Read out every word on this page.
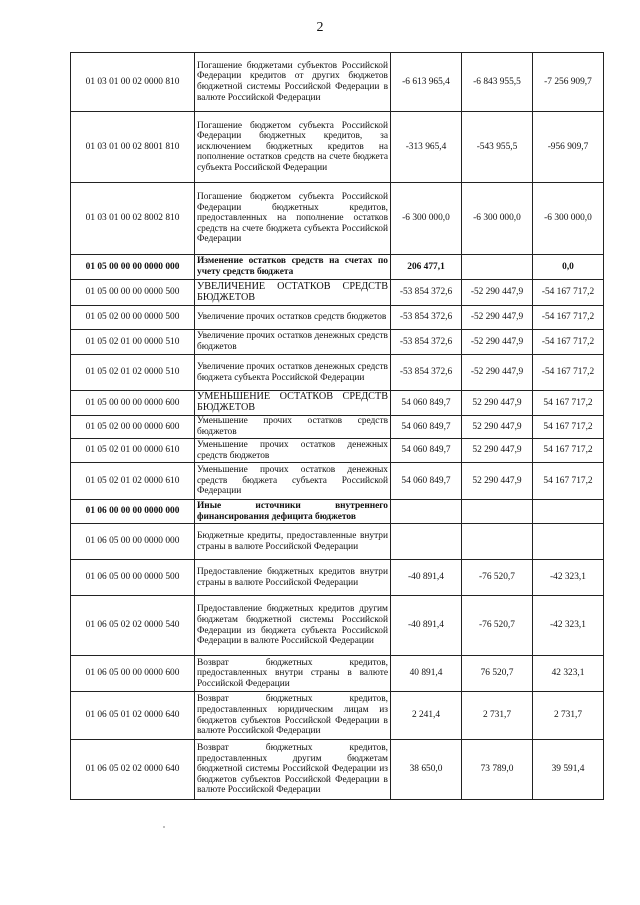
2
01 03 01 00 02 0000 810	Погашение бюджетами субъектов Российской Федерации кредитов от других бюджетов бюджетной системы Российской Федерации в валюте Российской Федерации	-6 613 965,4	-6 843 955,5	-7 256 909,7
01 03 01 00 02 8001 810	Погашение бюджетом субъекта Российской Федерации бюджетных кредитов, за исключением бюджетных кредитов на пополнение остатков средств на счете бюджета субъекта Российской Федерации	-313 965,4	-543 955,5	-956 909,7
01 03 01 00 02 8002 810	Погашение бюджетом субъекта Российской Федерации бюджетных кредитов, предоставленных на пополнение остатков средств на счете бюджета субъекта Российской Федерации	-6 300 000,0	-6 300 000,0	-6 300 000,0
01 05 00 00 00 0000 000	Изменение остатков средств на счетах по учету средств бюджета	206 477,1		0,0
01 05 00 00 00 0000 500	УВЕЛИЧЕНИЕ ОСТАТКОВ СРЕДСТВ БЮДЖЕТОВ	-53 854 372,6	-52 290 447,9	-54 167 717,2
01 05 02 00 00 0000 500	Увеличение прочих остатков средств бюджетов	-53 854 372,6	-52 290 447,9	-54 167 717,2
01 05 02 01 00 0000 510	Увеличение прочих остатков денежных средств бюджетов	-53 854 372,6	-52 290 447,9	-54 167 717,2
01 05 02 01 02 0000 510	Увеличение прочих остатков денежных средств бюджета субъекта Российской Федерации	-53 854 372,6	-52 290 447,9	-54 167 717,2
01 05 00 00 00 0000 600	УМЕНЬШЕНИЕ ОСТАТКОВ СРЕДСТВ БЮДЖЕТОВ	54 060 849,7	52 290 447,9	54 167 717,2
01 05 02 00 00 0000 600	Уменьшение прочих остатков средств бюджетов	54 060 849,7	52 290 447,9	54 167 717,2
01 05 02 01 00 0000 610	Уменьшение прочих остатков денежных средств бюджетов	54 060 849,7	52 290 447,9	54 167 717,2
01 05 02 01 02 0000 610	Уменьшение прочих остатков денежных средств бюджета субъекта Российской Федерации	54 060 849,7	52 290 447,9	54 167 717,2
01 06 00 00 00 0000 000	Иные источники внутреннего финансирования дефицита бюджетов			
01 06 05 00 00 0000 000	Бюджетные кредиты, предоставленные внутри страны в валюте Российской Федерации			
01 06 05 00 00 0000 500	Предоставление бюджетных кредитов внутри страны в валюте Российской Федерации	-40 891,4	-76 520,7	-42 323,1
01 06 05 02 02 0000 540	Предоставление бюджетных кредитов другим бюджетам бюджетной системы Российской Федерации из бюджета субъекта Российской Федерации в валюте Российской Федерации	-40 891,4	-76 520,7	-42 323,1
01 06 05 00 00 0000 600	Возврат бюджетных кредитов, предоставленных внутри страны в валюте Российской Федерации	40 891,4	76 520,7	42 323,1
01 06 05 01 02 0000 640	Возврат бюджетных кредитов, предоставленных юридическим лицам из бюджетов субъектов Российской Федерации в валюте Российской Федерации	2 241,4	2 731,7	2 731,7
01 06 05 02 02 0000 640	Возврат бюджетных кредитов, предоставленных другим бюджетам бюджетной системы Российской Федерации из бюджетов субъектов Российской Федерации в валюте Российской Федерации	38 650,0	73 789,0	39 591,4
